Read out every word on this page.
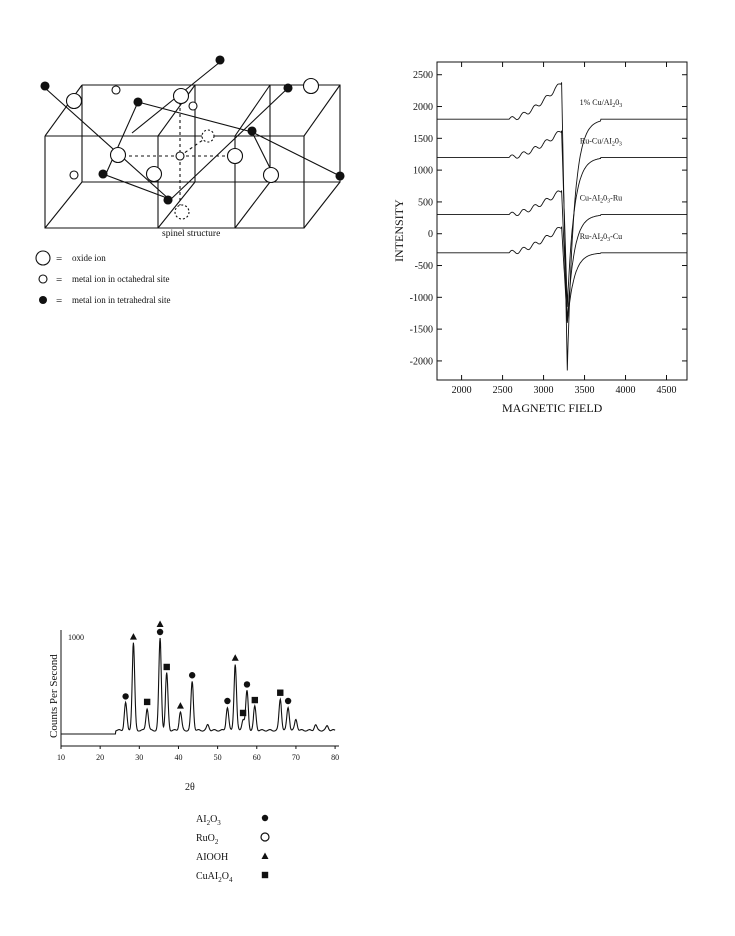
spinel structure
= oxide ion
= metal ion in octahedral site
= metal ion in tetrahedral site
INTENSITY
MAGNETIC FIELD
2500
2000
1500
1000
500
0
-500
-1000
-1500
-2000
2000 2500 3000 3500 4000 4500
1% $Cu/AI_20_3$
$Ru-Cu/AI_20_3$
$Cu-AI_20_3-Ru$
$Ru-AI_20_3-Cu$
Counts Per Second
1000
2θ
10	20	30	40	50	60	70	80
$AI_2O_3$
RuO$_2$
AIOOH
$CuAI_2O_4$
